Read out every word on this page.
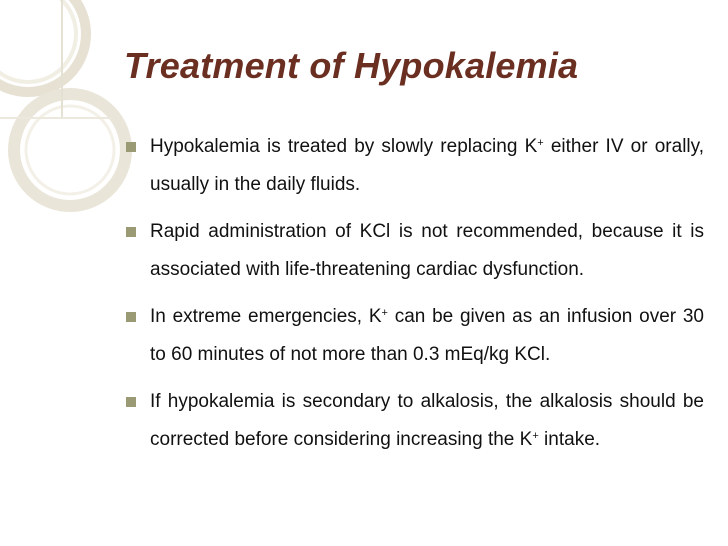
Treatment of Hypokalemia
Hypokalemia is treated by slowly replacing K+ either IV or orally, usually in the daily fluids.
Rapid administration of KCl is not recommended, because it is associated with life-threatening cardiac dysfunction.
In extreme emergencies, K+ can be given as an infusion over 30 to 60 minutes of not more than 0.3 mEq/kg KCl.
If hypokalemia is secondary to alkalosis, the alkalosis should be corrected before considering increasing the K+ intake.
